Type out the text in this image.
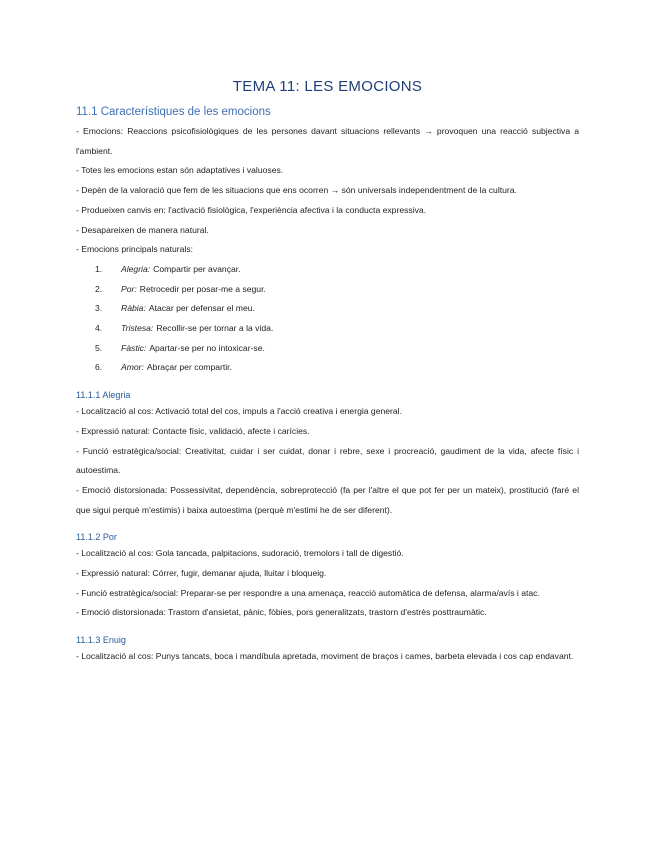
TEMA 11: LES EMOCIONS
11.1 Característiques de les emocions

- Emocions: Reaccions psicofisiològiques de les persones davant situacions rellevants → provoquen una reacció subjectiva a l'ambient.

- Totes les emocions estan són adaptatives i valuoses.

- Depèn de la valoració que fem de les situacions que ens ocorren → són universals independentment de la cultura.

- Produeixen canvis en: l'activació fisiològica, l'experiència afectiva i la conducta expressiva.

- Desapareixen de manera natural.

- Emocions principals naturals:

1.	Alegria: Compartir per avançar.
2.	Por: Retrocedir per posar-me a segur.
3.	Ràbia: Atacar per defensar el meu.
4.	Tristesa: Recollir-se per tornar a la vida.
5.	Fàstic: Apartar-se per no intoxicar-se.
6.	Amor: Abraçar per compartir.
11.1.1 Alegria

- Localització al cos: Activació total del cos, impuls a l'acció creativa i energia general.

- Expressió natural: Contacte físic, validació, afecte i carícies.

- Funció estratègica/social: Creativitat, cuidar i ser cuidat, donar i rebre, sexe i procreació, gaudiment de la vida, afecte físic i autoestima.

- Emoció distorsionada: Possessivitat, dependència, sobreprotecció (fa per l'altre el que pot fer per un mateix), prostitució (faré el que sigui perquè m'estimis) i baixa autoestima (perquè m'estimi he de ser diferent).

11.1.2 Por

- Localització al cos: Gola tancada, palpitacions, sudoració, tremolors i tall de digestió.

- Expressió natural: Córrer, fugir, demanar ajuda, lluitar i bloqueig.

- Funció estratègica/social: Preparar-se per respondre a una amenaça, reacció automàtica de defensa, alarma/avís i atac.

- Emoció distorsionada: Trastorn d'ansietat, pànic, fòbies, pors generalitzats, trastorn d'estrès posttraumàtic.

11.1.3 Enuig

- Localització al cos: Punys tancats, boca i mandíbula apretada, moviment de braços i cames, barbeta elevada i cos cap endavant.
